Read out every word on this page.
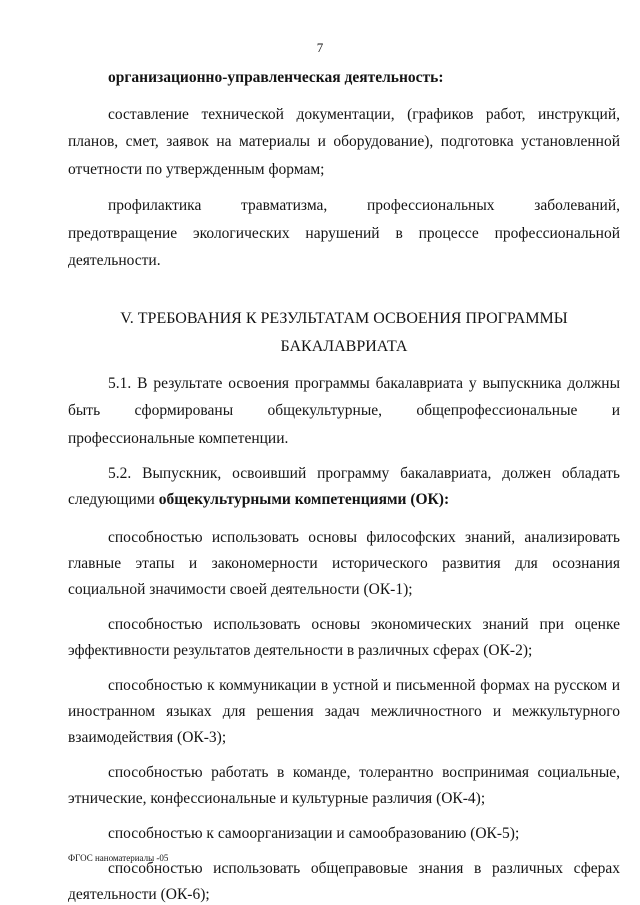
7

организационно-управленческая деятельность:

составление технической документации, (графиков работ, инструкций, планов, смет, заявок на материалы и оборудование), подготовка установленной отчетности по утвержденным формам;

профилактика травматизма, профессиональных заболеваний, предотвращение экологических нарушений в процессе профессиональной деятельности.

V. ТРЕБОВАНИЯ К РЕЗУЛЬТАТАМ ОСВОЕНИЯ ПРОГРАММЫ

БАКАЛАВРИАТА

5.1. В результате освоения программы бакалавриата у выпускника должны быть сформированы общекультурные, общепрофессиональные и профессиональные компетенции.

5.2. Выпускник, освоивший программу бакалавриата, должен обладать следующими общекультурными компетенциями (ОК):

способностью использовать основы философских знаний, анализировать главные этапы и закономерности исторического развития для осознания социальной значимости своей деятельности (ОК-1);

способностью использовать основы экономических знаний при оценке эффективности результатов деятельности в различных сферах (ОК-2);

способностью к коммуникации в устной и письменной формах на русском и иностранном языках для решения задач межличностного и межкультурного взаимодействия (ОК-3);

способностью работать в команде, толерантно воспринимая социальные, этнические, конфессиональные и культурные различия (ОК-4);

способностью к самоорганизации и самообразованию (ОК-5);

способностью использовать общеправовые знания в различных сферах деятельности (ОК-6);

ФГОС наноматериалы -05
